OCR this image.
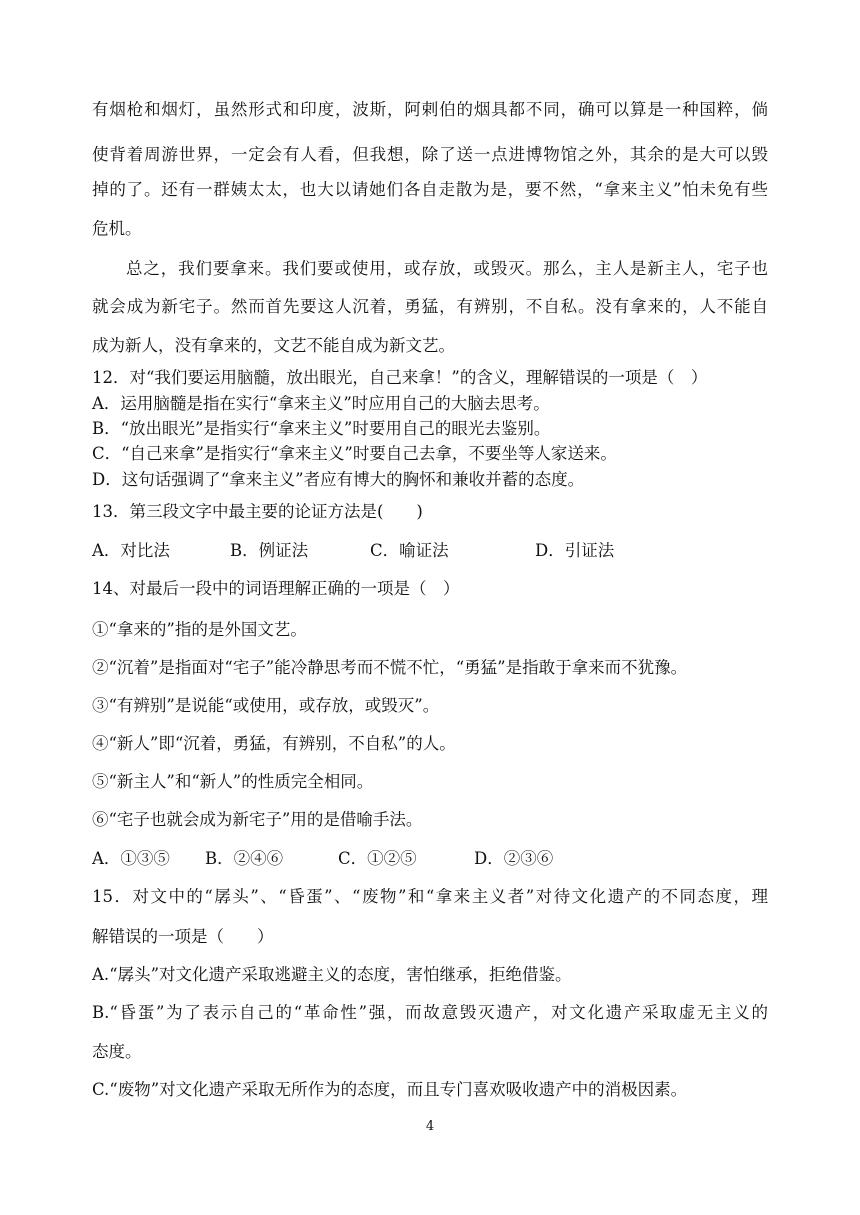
有烟枪和烟灯，虽然形式和印度，波斯，阿剌伯的烟具都不同，确可以算是一种国粹，倘
使背着周游世界，一定会有人看，但我想，除了送一点进博物馆之外，其余的是大可以毁
掉的了。还有一群姨太太，也大以请她们各自走散为是，要不然，“拿来主义”怕未免有些
危机。
总之，我们要拿来。我们要或使用，或存放，或毁灭。那么，主人是新主人，宅子也
就会成为新宅子。然而首先要这人沉着，勇猛，有辨别，不自私。没有拿来的，人不能自
成为新人，没有拿来的，文艺不能自成为新文艺。
12．对“我们要运用脑髓，放出眼光，自己来拿！”的含义，理解错误的一项是（　）
A．运用脑髓是指在实行“拿来主义”时应用自己的大脑去思考。
B．“放出眼光”是指实行“拿来主义”时要用自己的眼光去鉴别。
C．“自己来拿”是指实行“拿来主义”时要自己去拿，不要坐等人家送来。
D．这句话强调了“拿来主义”者应有博大的胸怀和兼收并蓄的态度。
13．第三段文字中最主要的论证方法是(　　)
A．对比法	B．例证法	C．喻证法	D．引证法
14、对最后一段中的词语理解正确的一项是（　）
①“拿来的”指的是外国文艺。
②“沉着”是指面对“宅子”能冷静思考而不慌不忙，“勇猛”是指敢于拿来而不犹豫。
③“有辨别”是说能“或使用，或存放，或毁灭”。
④“新人”即“沉着，勇猛，有辨别，不自私”的人。
⑤“新主人”和“新人”的性质完全相同。
⑥“宅子也就会成为新宅子”用的是借喻手法。
A．①③⑤ B．②④⑥	C．①②⑤	D．②③⑥
15．对文中的“孱头”、“昏蛋”、“废物”和“拿来主义者”对待文化遗产的不同态度，理
解错误的一项是（　　）
A.“孱头”对文化遗产采取逃避主义的态度，害怕继承，拒绝借鉴。
B.“昏蛋”为了表示自己的“革命性”强，而故意毁灭遗产，对文化遗产采取虚无主义的
态度。
C.“废物”对文化遗产采取无所作为的态度，而且专门喜欢吸收遗产中的消极因素。
4
